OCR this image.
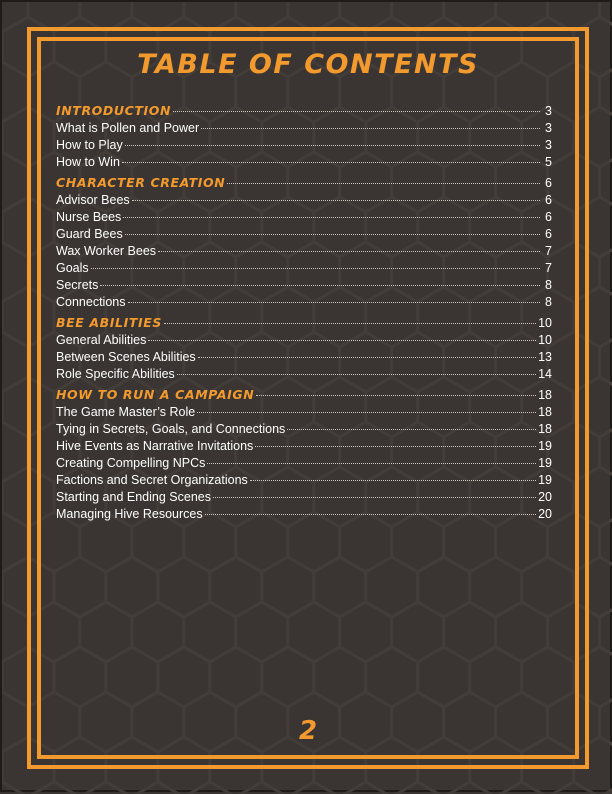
TABLE OF CONTENTS
INTRODUCTION	3
What is Pollen and Power	3
How to Play	3
How to Win	5
CHARACTER CREATION	6
Advisor Bees	6
Nurse Bees	6
Guard Bees	6
Wax Worker Bees	7
Goals	7
Secrets	8
Connections	8
BEE ABILITIES	10
General Abilities	10
Between Scenes Abilities	13
Role Specific Abilities	14
HOW TO RUN A CAMPAIGN	18
The Game Master’s Role	18
Tying in Secrets, Goals, and Connections	18
Hive Events as Narrative Invitations	19
Creating Compelling NPCs	19
Factions and Secret Organizations	19
Starting and Ending Scenes	20
Managing Hive Resources	20
2
